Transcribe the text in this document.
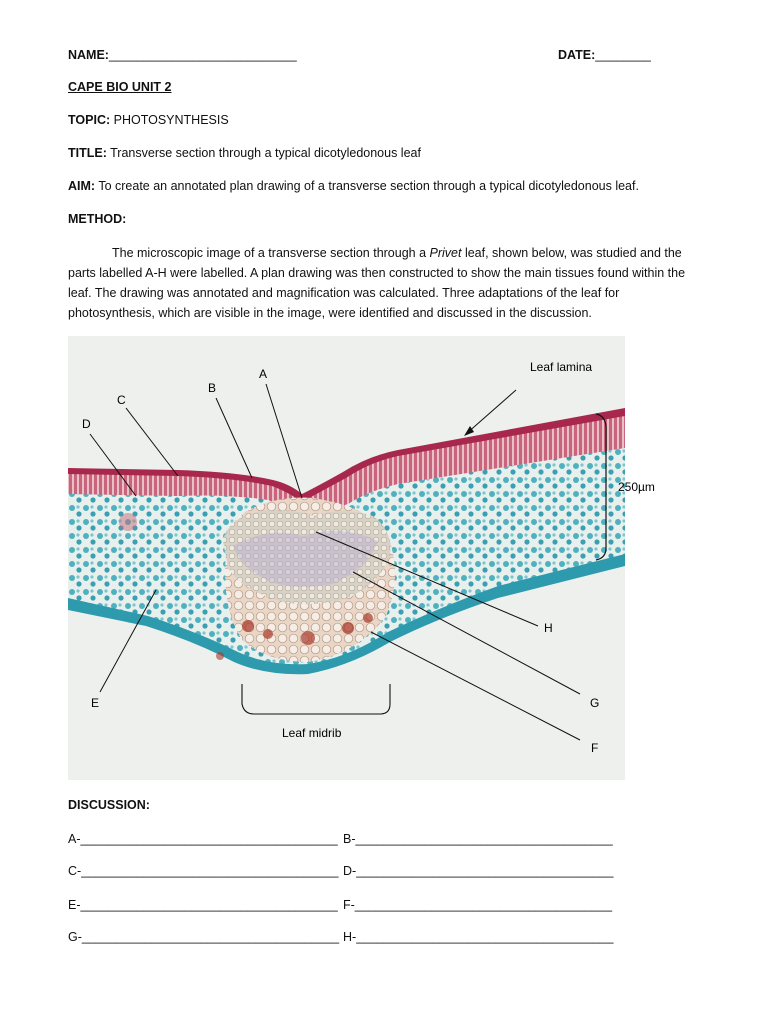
NAME:___________________________	DATE:________
CAPE BIO UNIT 2
TOPIC: PHOTOSYNTHESIS
TITLE: Transverse section through a typical dicotyledonous leaf
AIM: To create an annotated plan drawing of a transverse section through a typical dicotyledonous leaf.
METHOD:
The microscopic image of a transverse section through a Privet leaf, shown below, was studied and the parts labelled A-H were labelled. A plan drawing was then constructed to show the main tissues found within the leaf. The drawing was annotated and magnification was calculated. Three adaptations of the leaf for photosynthesis, which are visible in the image, were identified and discussed in the discussion.
A
B
C
D
E
F
G
H
Leaf lamina
Leaf midrib
250µm
DISCUSSION:
A-_____________________________________ B-_____________________________________
C-_____________________________________ D-_____________________________________
E-_____________________________________ F-_____________________________________
G-_____________________________________ H-_____________________________________
